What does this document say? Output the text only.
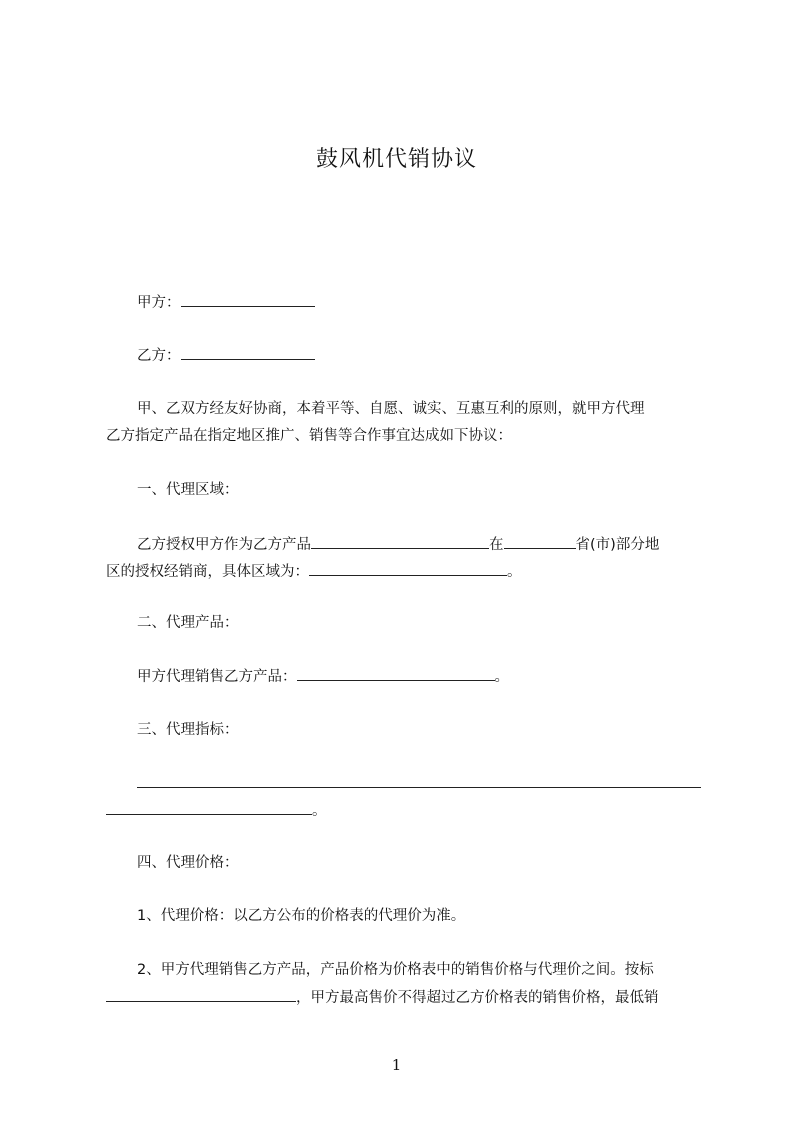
鼓风机代销协议
甲方：
乙方：
甲、乙双方经友好协商，本着平等、自愿、诚实、互惠互利的原则，就甲方代理
乙方指定产品在指定地区推广、销售等合作事宜达成如下协议：
一、代理区域：
乙方授权甲方作为乙方产品	在	省(市)部分地
区的授权经销商，具体区域为：	。
二、代理产品：
甲方代理销售乙方产品：	。
三、代理指标：
。
四、代理价格：
1、代理价格：以乙方公布的价格表的代理价为准。
2、甲方代理销售乙方产品，产品价格为价格表中的销售价格与代理价之间。按标
，甲方最高售价不得超过乙方价格表的销售价格，最低销
1
